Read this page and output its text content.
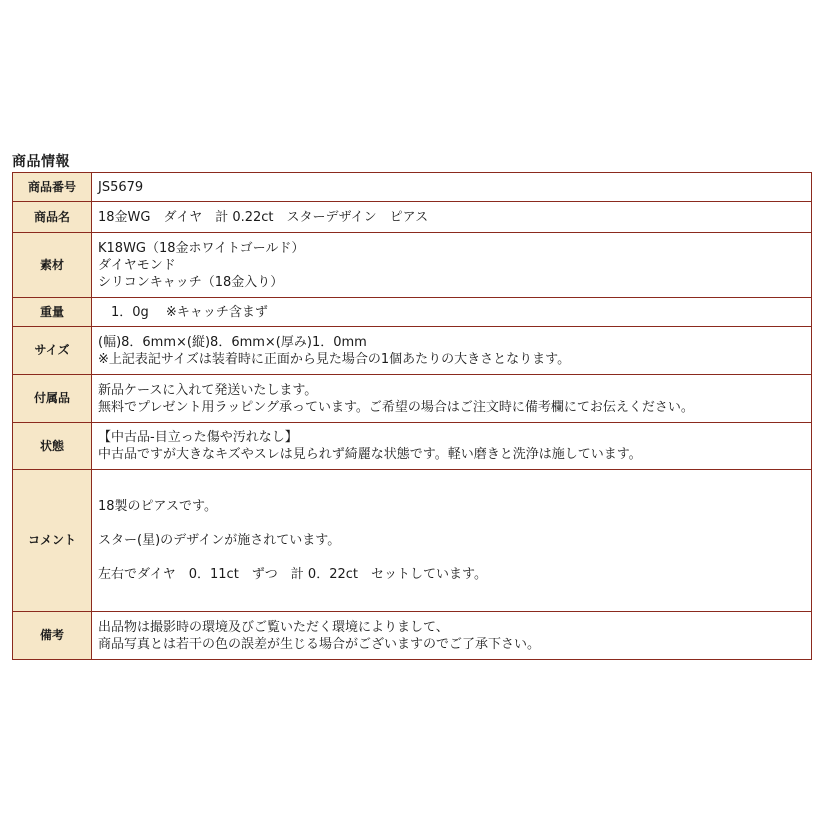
商品情報
商品番号	JS5679

商品名	18金WG　ダイヤ　計 0.22ct　スターデザイン　ピアス

素材	K18WG（18金ホワイトゴールド）
ダイヤモンド
シリコンキャッチ（18金入り）

重量	　1．0g　 ※キャッチ含まず

サイズ	(幅)8．6mm×(縦)8．6mm×(厚み)1．0mm
※上記表記サイズは装着時に正面から見た場合の1個あたりの大きさとなります。

付属品	新品ケースに入れて発送いたします。
無料でプレゼント用ラッピング承っています。ご希望の場合はご注文時に備考欄にてお伝えください。

状態	【中古品-目立った傷や汚れなし】
中古品ですが大きなキズやスレは見られず綺麗な状態です。軽い磨きと洗浄は施しています。

コメント	18製のピアスです。
スター(星)のデザインが施されています。
左右でダイヤ　0．11ct　ずつ　計 0．22ct　セットしています。

備考	出品物は撮影時の環境及びご覧いただく環境によりまして、
商品写真とは若干の色の誤差が生じる場合がございますのでご了承下さい。
